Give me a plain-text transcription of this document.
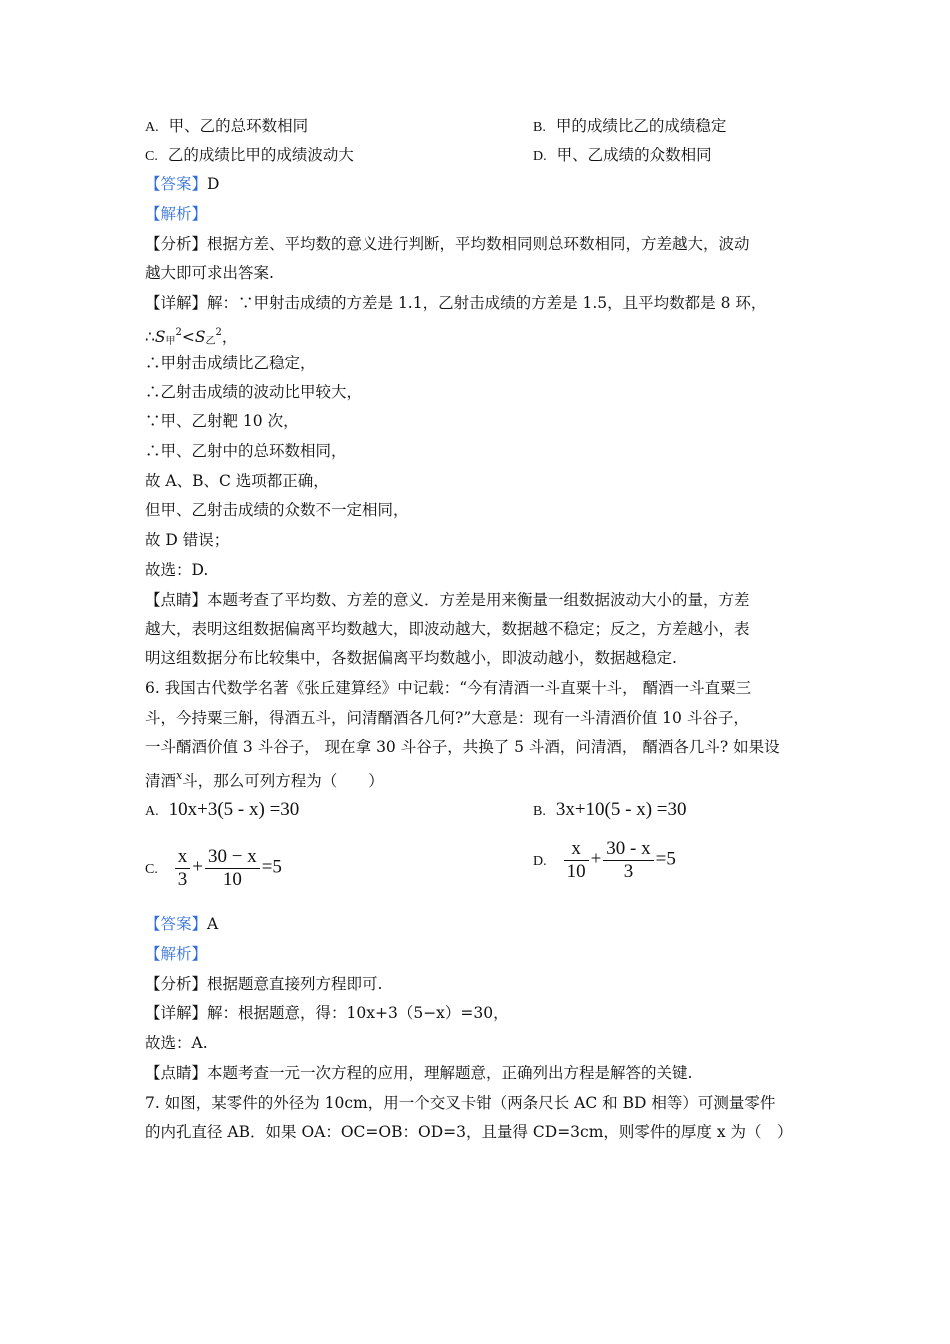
A. 甲、乙的总环数相同	B. 甲的成绩比乙的成绩稳定
C. 乙的成绩比甲的成绩波动大	D. 甲、乙成绩的众数相同
【答案】D
【解析】
【分析】根据方差、平均数的意义进行判断，平均数相同则总环数相同，方差越大，波动
越大即可求出答案.
【详解】解：∵甲射击成绩的方差是 1.1，乙射击成绩的方差是 1.5，且平均数都是 8 环，
$\therefore S_甲^2<S_乙^2$，
∴甲射击成绩比乙稳定，
∴乙射击成绩的波动比甲较大，
∵甲、乙射靶 10 次，
∴甲、乙射中的总环数相同，
故 A、B、C 选项都正确，
但甲、乙射击成绩的众数不一定相同，
故 D 错误；
故选：D.
【点睛】本题考查了平均数、方差的意义．方差是用来衡量一组数据波动大小的量，方差
越大，表明这组数据偏离平均数越大，即波动越大，数据越不稳定；反之，方差越小，表
明这组数据分布比较集中，各数据偏离平均数越小，即波动越小，数据越稳定.
6. 我国古代数学名著《张丘建算经》中记载：“今有清酒一斗直粟十斗， 醑酒一斗直粟三
斗，今持粟三斛，得酒五斗，问清醑酒各几何?”大意是：现有一斗清酒价值 10 斗谷子，
一斗醑酒价值 3 斗谷子， 现在拿 30 斗谷子，共换了 5 斗酒，问清酒， 醑酒各几斗? 如果设
清酒$^x$斗，那么可列方程为（　　）
A. 10x+3(5 - x) =30	B. 3x+10(5 - x) =30
C. $\frac{x}{3} + \frac{30 - x}{10} =5$	D. $\frac{x}{10} + \frac{30 - x}{3} =5$
【答案】A
【解析】
【分析】根据题意直接列方程即可.
【详解】解：根据题意，得：10x+3（5−x）=30，
故选：A.
【点睛】本题考查一元一次方程的应用，理解题意，正确列出方程是解答的关键.
7. 如图，某零件的外径为 10cm，用一个交叉卡钳（两条尺长 AC 和 BD 相等）可测量零件
的内孔直径 AB．如果 OA：OC=OB：OD=3，且量得 CD=3cm，则零件的厚度 x 为（　）
